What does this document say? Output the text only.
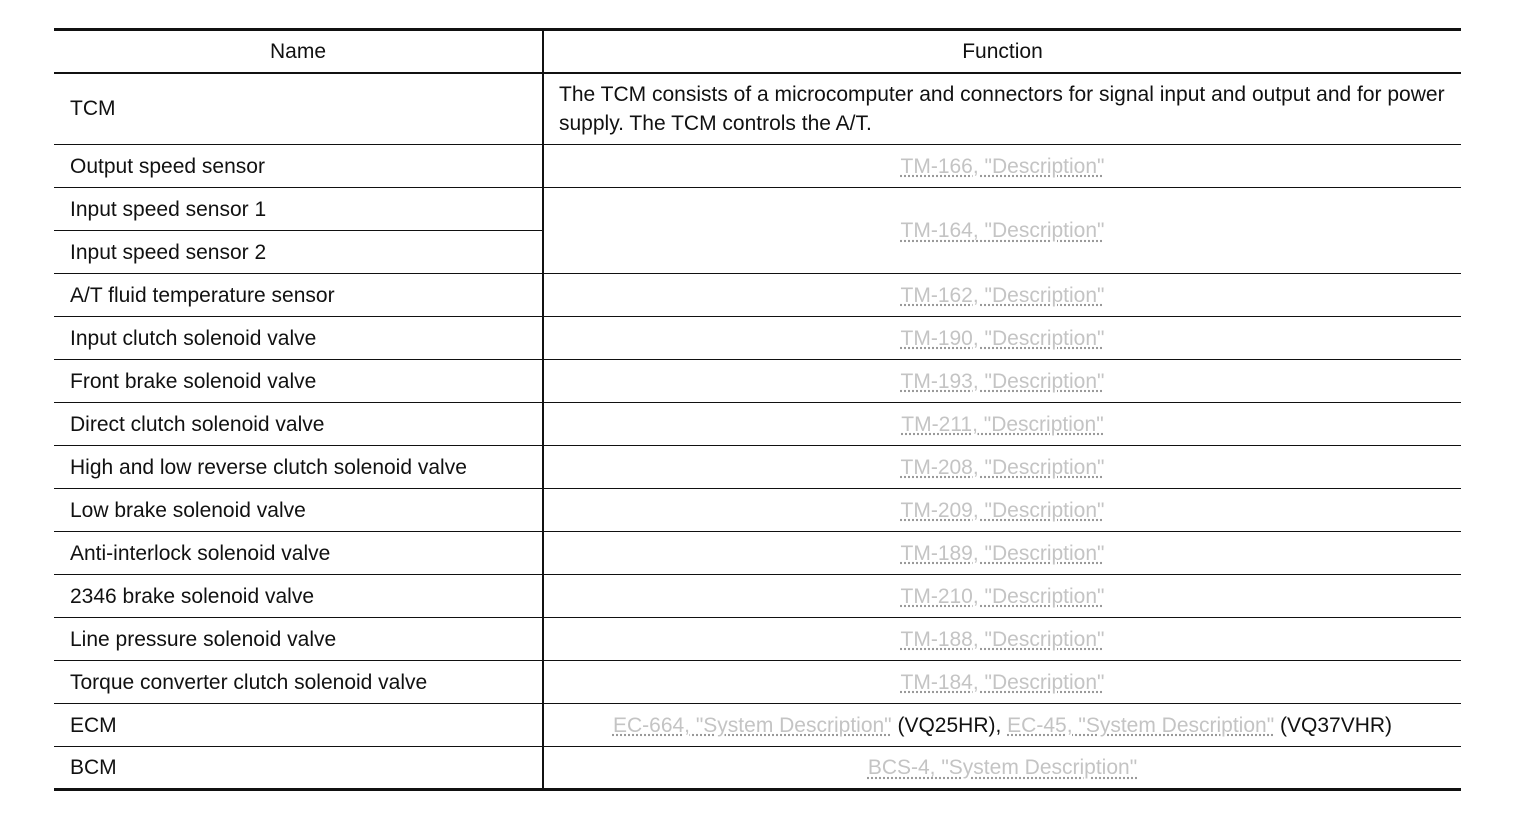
Name	Function
TCM	The TCM consists of a microcomputer and connectors for signal input and output and for power supply. The TCM controls the A/T.
Output speed sensor	TM-166, "Description"
Input speed sensor 1	TM-164, "Description"
Input speed sensor 2	
A/T fluid temperature sensor	TM-162, "Description"
Input clutch solenoid valve	TM-190, "Description"
Front brake solenoid valve	TM-193, "Description"
Direct clutch solenoid valve	TM-211, "Description"
High and low reverse clutch solenoid valve	TM-208, "Description"
Low brake solenoid valve	TM-209, "Description"
Anti-interlock solenoid valve	TM-189, "Description"
2346 brake solenoid valve	TM-210, "Description"
Line pressure solenoid valve	TM-188, "Description"
Torque converter clutch solenoid valve	TM-184, "Description"
ECM	EC-664, "System Description" (VQ25HR), EC-45, "System Description" (VQ37VHR)
BCM	BCS-4, "System Description"
